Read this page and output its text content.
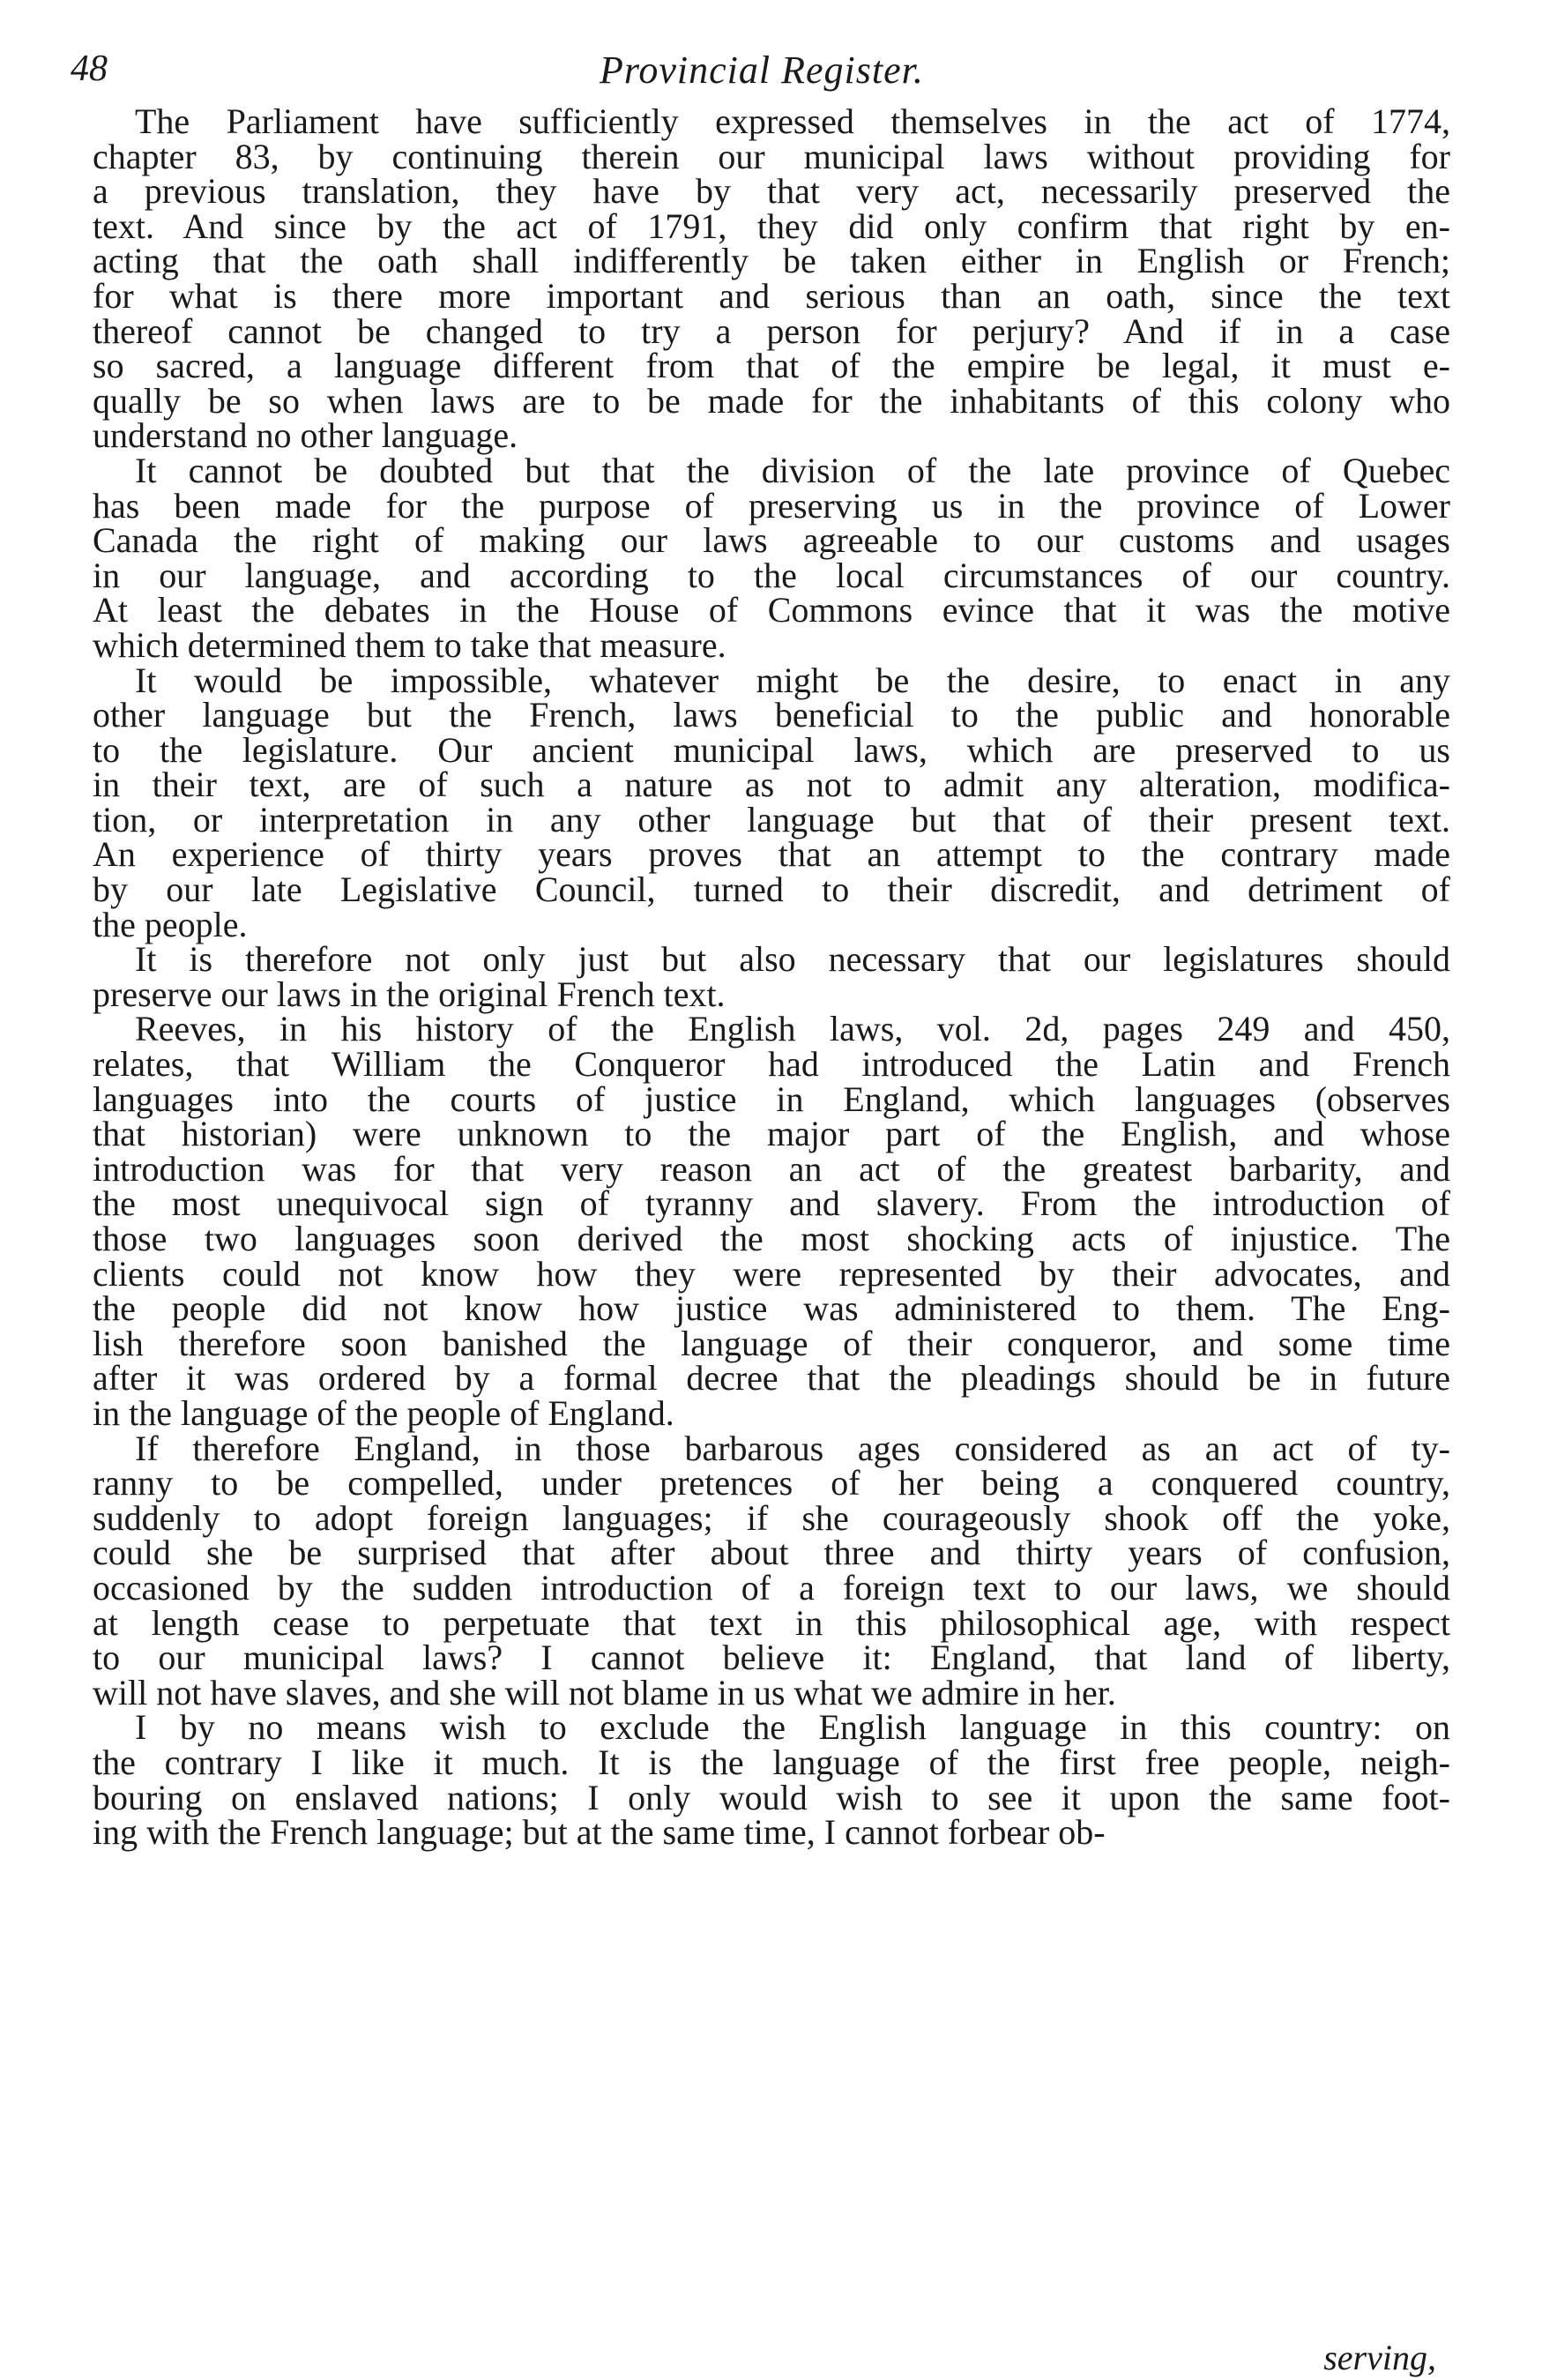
48	Provincial Register.
The Parliament have sufficiently expressed themselves in the act of 1774,
chapter 83, by continuing therein our municipal laws without providing for
a previous translation, they have by that very act, necessarily preserved the
text. And since by the act of 1791, they did only confirm that right by en-
acting that the oath shall indifferently be taken either in English or French;
for what is there more important and serious than an oath, since the text
thereof cannot be changed to try a person for perjury? And if in a case
so sacred, a language different from that of the empire be legal, it must e-
qually be so when laws are to be made for the inhabitants of this colony who
understand no other language.
It cannot be doubted but that the division of the late province of Quebec
has been made for the purpose of preserving us in the province of Lower
Canada the right of making our laws agreeable to our customs and usages
in our language, and according to the local circumstances of our country.
At least the debates in the House of Commons evince that it was the motive
which determined them to take that measure.
It would be impossible, whatever might be the desire, to enact in any
other language but the French, laws beneficial to the public and honorable
to the legislature. Our ancient municipal laws, which are preserved to us
in their text, are of such a nature as not to admit any alteration, modifica-
tion, or interpretation in any other language but that of their present text.
An experience of thirty years proves that an attempt to the contrary made
by our late Legislative Council, turned to their discredit, and detriment of
the people.
It is therefore not only just but also necessary that our legislatures should
preserve our laws in the original French text.
Reeves, in his history of the English laws, vol. 2d, pages 249 and 450,
relates, that William the Conqueror had introduced the Latin and French
languages into the courts of justice in England, which languages (observes
that historian) were unknown to the major part of the English, and whose
introduction was for that very reason an act of the greatest barbarity, and
the most unequivocal sign of tyranny and slavery. From the introduction of
those two languages soon derived the most shocking acts of injustice. The
clients could not know how they were represented by their advocates, and
the people did not know how justice was administered to them. The Eng-
lish therefore soon banished the language of their conqueror, and some time
after it was ordered by a formal decree that the pleadings should be in future
in the language of the people of England.
If therefore England, in those barbarous ages considered as an act of ty-
ranny to be compelled, under pretences of her being a conquered country,
suddenly to adopt foreign languages; if she courageously shook off the yoke,
could she be surprised that after about three and thirty years of confusion,
occasioned by the sudden introduction of a foreign text to our laws, we should
at length cease to perpetuate that text in this philosophical age, with respect
to our municipal laws? I cannot believe it: England, that land of liberty,
will not have slaves, and she will not blame in us what we admire in her.
I by no means wish to exclude the English language in this country: on
the contrary I like it much. It is the language of the first free people, neigh-
bouring on enslaved nations; I only would wish to see it upon the same foot-
ing with the French language; but at the same time, I cannot forbear ob-
serving,
